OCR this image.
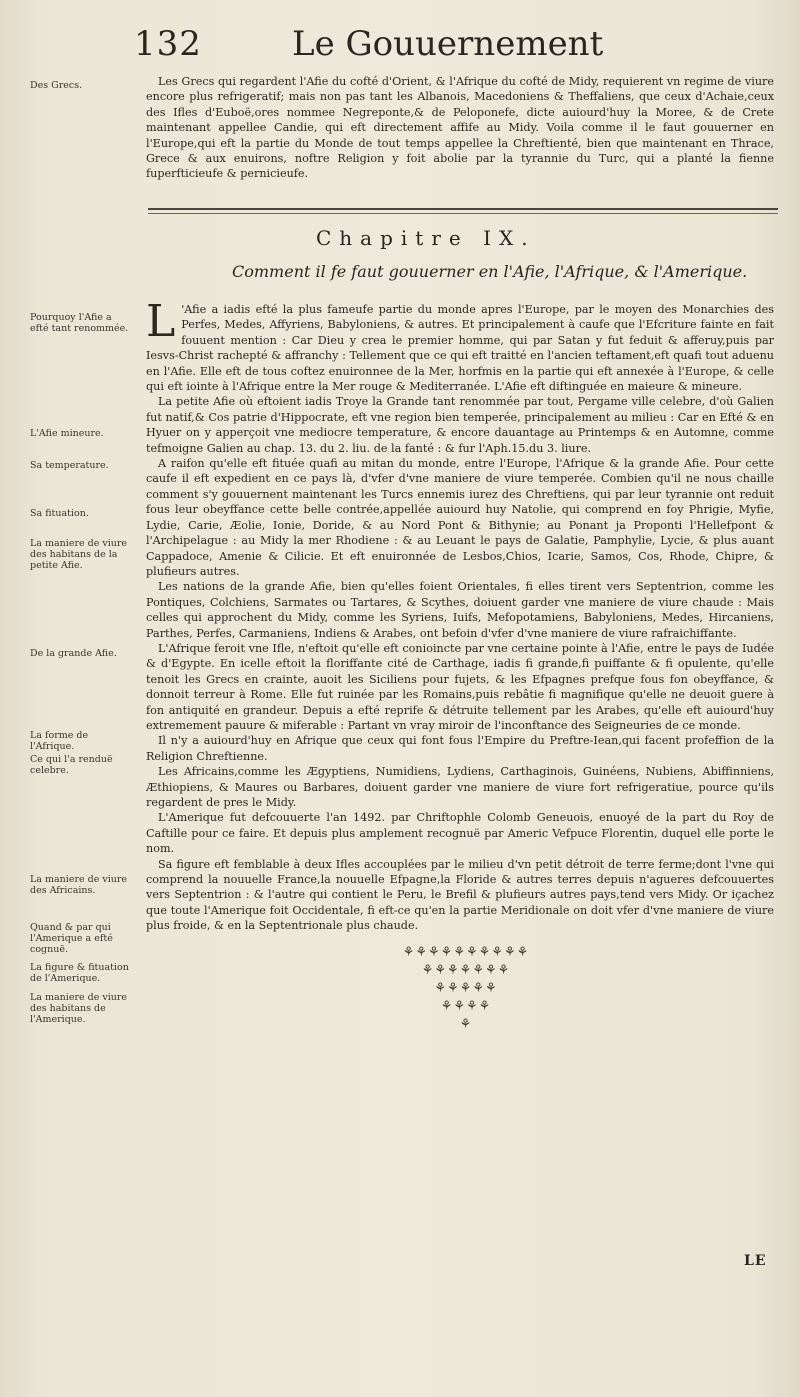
132	Le Gouuernement
Des Grecs.	Les Grecs qui regardent l'Afie du cofté d'Orient, & l'Afrique du cofté de Midy, requierent vn regime de viure encore plus refrigeratif; mais non pas tant les Albanois, Macedoniens & Theffaliens, que ceux d'Achaie,ceux des Ifles d'Euboë,ores nommee Negreponte,& de Peloponefe, dicte auiourd'huy la Moree, & de Crete maintenant appellee Candie, qui eft directement affife au Midy. Voila comme il le faut gouuerner en l'Europe,qui eft la partie du Monde de tout temps appellee la Chreftienté, bien que maintenant en Thrace, Grece & aux enuirons, noftre Religion y foit abolie par la tyrannie du Turc, qui a planté la fienne fuperfticieufe & pernicieufe.

Chapitre IX.
Comment il fe faut gouuerner en l'Afie, l'Afrique, & l'Amerique.
Pourquoy l'Afie a efté tant renommée.
L'Afie mineure.
Sa temperature.
Sa fituation.
La maniere de viure des habitans de la petite Afie.
De la grande Afie.
La forme de l'Afrique.
Ce qui l'a renduë celebre.
La maniere de viure des Africains.
Quand & par qui l'Amerique a efté cognuë.
La figure & fituation de l'Amerique.
La maniere de viure des habitans de l'Amerique.

L 'Afie a iadis efté la plus fameufe partie du monde apres l'Europe, par le moyen des Monarchies des Perfes, Medes, Affyriens, Babyloniens, & autres. Et principalement à caufe que l'Efcriture fainte en fait fouuent mention : Car Dieu y crea le premier homme, qui par Satan y fut feduit & afferuy,puis par Iesvs-Christ rachepté & affranchy : Tellement que ce qui eft traitté en l'ancien teftament,eft quafi tout aduenu en l'Afie. Elle eft de tous coftez enuironnee de la Mer, horfmis en la partie qui eft annexée à l'Europe, & celle qui eft iointe à l'Afrique entre la Mer rouge & Mediterranée. L'Afie eft diftinguée en maieure & mineure.

La petite Afie où eftoient iadis Troye la Grande tant renommée par tout, Pergame ville celebre, d'où Galien fut natif,& Cos patrie d'Hippocrate, eft vne region bien temperée, principalement au milieu : Car en Efté & en Hyuer on y apperçoit vne mediocre temperature, & encore dauantage au Printemps & en Automne, comme tefmoigne Galien au chap. 13. du 2. liu. de la fanté : & fur l'Aph.15.du 3. liure.

A raifon qu'elle eft fituée quafi au mitan du monde, entre l'Europe, l'Afrique & la grande Afie. Pour cette caufe il eft expedient en ce pays là, d'vfer d'vne maniere de viure temperée. Combien qu'il ne nous chaille comment s'y gouuernent maintenant les Turcs ennemis iurez des Chreftiens, qui par leur tyrannie ont reduit fous leur obeyffance cette belle contrée,appellée auiourd huy Natolie, qui comprend en foy Phrigie, Myfie, Lydie, Carie, Æolie, Ionie, Doride, & au Nord Pont & Bithynie; au Ponant ja Proponti l'Hellefpont & l'Archipelague : au Midy la mer Rhodiene : & au Leuant le pays de Galatie, Pamphylie, Lycie, & plus auant Cappadoce, Amenie & Cilicie. Et eft enuironnée de Lesbos,Chios, Icarie, Samos, Cos, Rhode, Chipre, & plufieurs autres.

Les nations de la grande Afie, bien qu'elles foient Orientales, fi elles tirent vers Septentrion, comme les Pontiques, Colchiens, Sarmates ou Tartares, & Scythes, doiuent garder vne maniere de viure chaude : Mais celles qui approchent du Midy, comme les Syriens, Iuifs, Mefopotamiens, Babyloniens, Medes, Hircaniens, Parthes, Perfes, Carmaniens, Indiens & Arabes, ont befoin d'vfer d'vne maniere de viure rafraichiffante.

L'Afrique feroit vne Ifle, n'eftoit qu'elle eft conioincte par vne certaine pointe à l'Afie, entre le pays de Iudée & d'Egypte. En icelle eftoit la floriffante cité de Carthage, iadis fi grande,fi puiffante & fi opulente, qu'elle tenoit les Grecs en crainte, auoit les Siciliens pour fujets, & les Efpagnes prefque fous fon obeyffance, & donnoit terreur à Rome. Elle fut ruinée par les Romains,puis rebâtie fi magnifique qu'elle ne deuoit guere à fon antiquité en grandeur. Depuis a efté reprife & détruite tellement par les Arabes, qu'elle eft auiourd'huy extremement pauure & miferable : Partant vn vray miroir de l'inconftance des Seigneuries de ce monde.

Il n'y a auiourd'huy en Afrique que ceux qui font fous l'Empire du Preftre-Iean,qui facent profeffion de la Religion Chreftienne.

Les Africains,comme les Ægyptiens, Numidiens, Lydiens, Carthaginois, Guinéens, Nubiens, Abiffinniens, Æthiopiens, & Maures ou Barbares, doiuent garder vne maniere de viure fort refrigeratiue, pource qu'ils regardent de pres le Midy.

L'Amerique fut defcouuerte l'an 1492. par Chriftophle Colomb Geneuois, enuoyé de la part du Roy de Caftille pour ce faire. Et depuis plus amplement recognuë par Americ Vefpuce Florentin, duquel elle porte le nom.

Sa figure eft femblable à deux Ifles accouplées par le milieu d'vn petit détroit de terre ferme;dont l'vne qui comprend la nouuelle France,la nouuelle Efpagne,la Floride & autres terres depuis n'agueres defcouuertes vers Septentrion : & l'autre qui contient le Peru, le Brefil & plufieurs autres pays,tend vers Midy. Or içachez que toute l'Amerique foit Occidentale, fi eft-ce qu'en la partie Meridionale on doit vfer d'vne maniere de viure plus froide, & en la Septentrionale plus chaude.

⚘⚘⚘⚘⚘⚘⚘⚘⚘⚘
⚘⚘⚘⚘⚘⚘⚘
⚘⚘⚘⚘⚘
⚘⚘⚘⚘
⚘
LE
